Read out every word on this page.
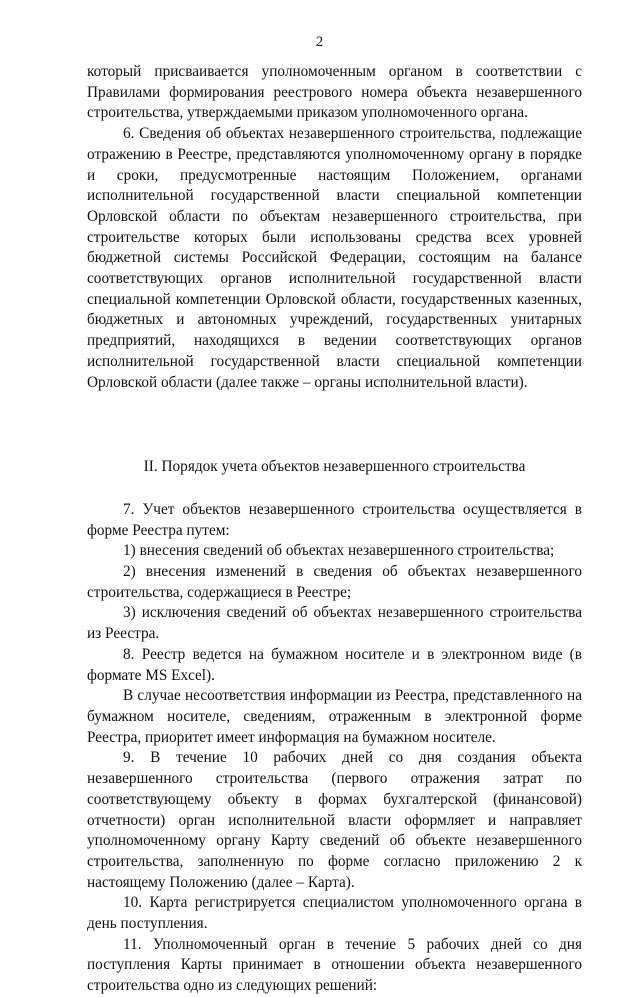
2

который присваивается уполномоченным органом в соответствии с Правилами формирования реестрового номера объекта незавершенного строительства, утверждаемыми приказом уполномоченного органа.

6. Сведения об объектах незавершенного строительства, подлежащие отражению в Реестре, представляются уполномоченному органу в порядке и сроки, предусмотренные настоящим Положением, органами исполнительной государственной власти специальной компетенции Орловской области по объектам незавершенного строительства, при строительстве которых были использованы средства всех уровней бюджетной системы Российской Федерации, состоящим на балансе соответствующих органов исполнительной государственной власти специальной компетенции Орловской области, государственных казенных, бюджетных и автономных учреждений, государственных унитарных предприятий, находящихся в ведении соответствующих органов исполнительной государственной власти специальной компетенции Орловской области (далее также – органы исполнительной власти).

II. Порядок учета объектов незавершенного строительства

7. Учет объектов незавершенного строительства осуществляется в форме Реестра путем:

1) внесения сведений об объектах незавершенного строительства;

2) внесения изменений в сведения об объектах незавершенного строительства, содержащиеся в Реестре;

3) исключения сведений об объектах незавершенного строительства из Реестра.

8. Реестр ведется на бумажном носителе и в электронном виде (в формате MS Excel).

В случае несоответствия информации из Реестра, представленного на бумажном носителе, сведениям, отраженным в электронной форме Реестра, приоритет имеет информация на бумажном носителе.

9. В течение 10 рабочих дней со дня создания объекта незавершенного строительства (первого отражения затрат по соответствующему объекту в формах бухгалтерской (финансовой) отчетности) орган исполнительной власти оформляет и направляет уполномоченному органу Карту сведений об объекте незавершенного строительства, заполненную по форме согласно приложению 2 к настоящему Положению (далее – Карта).

10. Карта регистрируется специалистом уполномоченного органа в день поступления.

11. Уполномоченный орган в течение 5 рабочих дней со дня поступления Карты принимает в отношении объекта незавершенного строительства одно из следующих решений:
